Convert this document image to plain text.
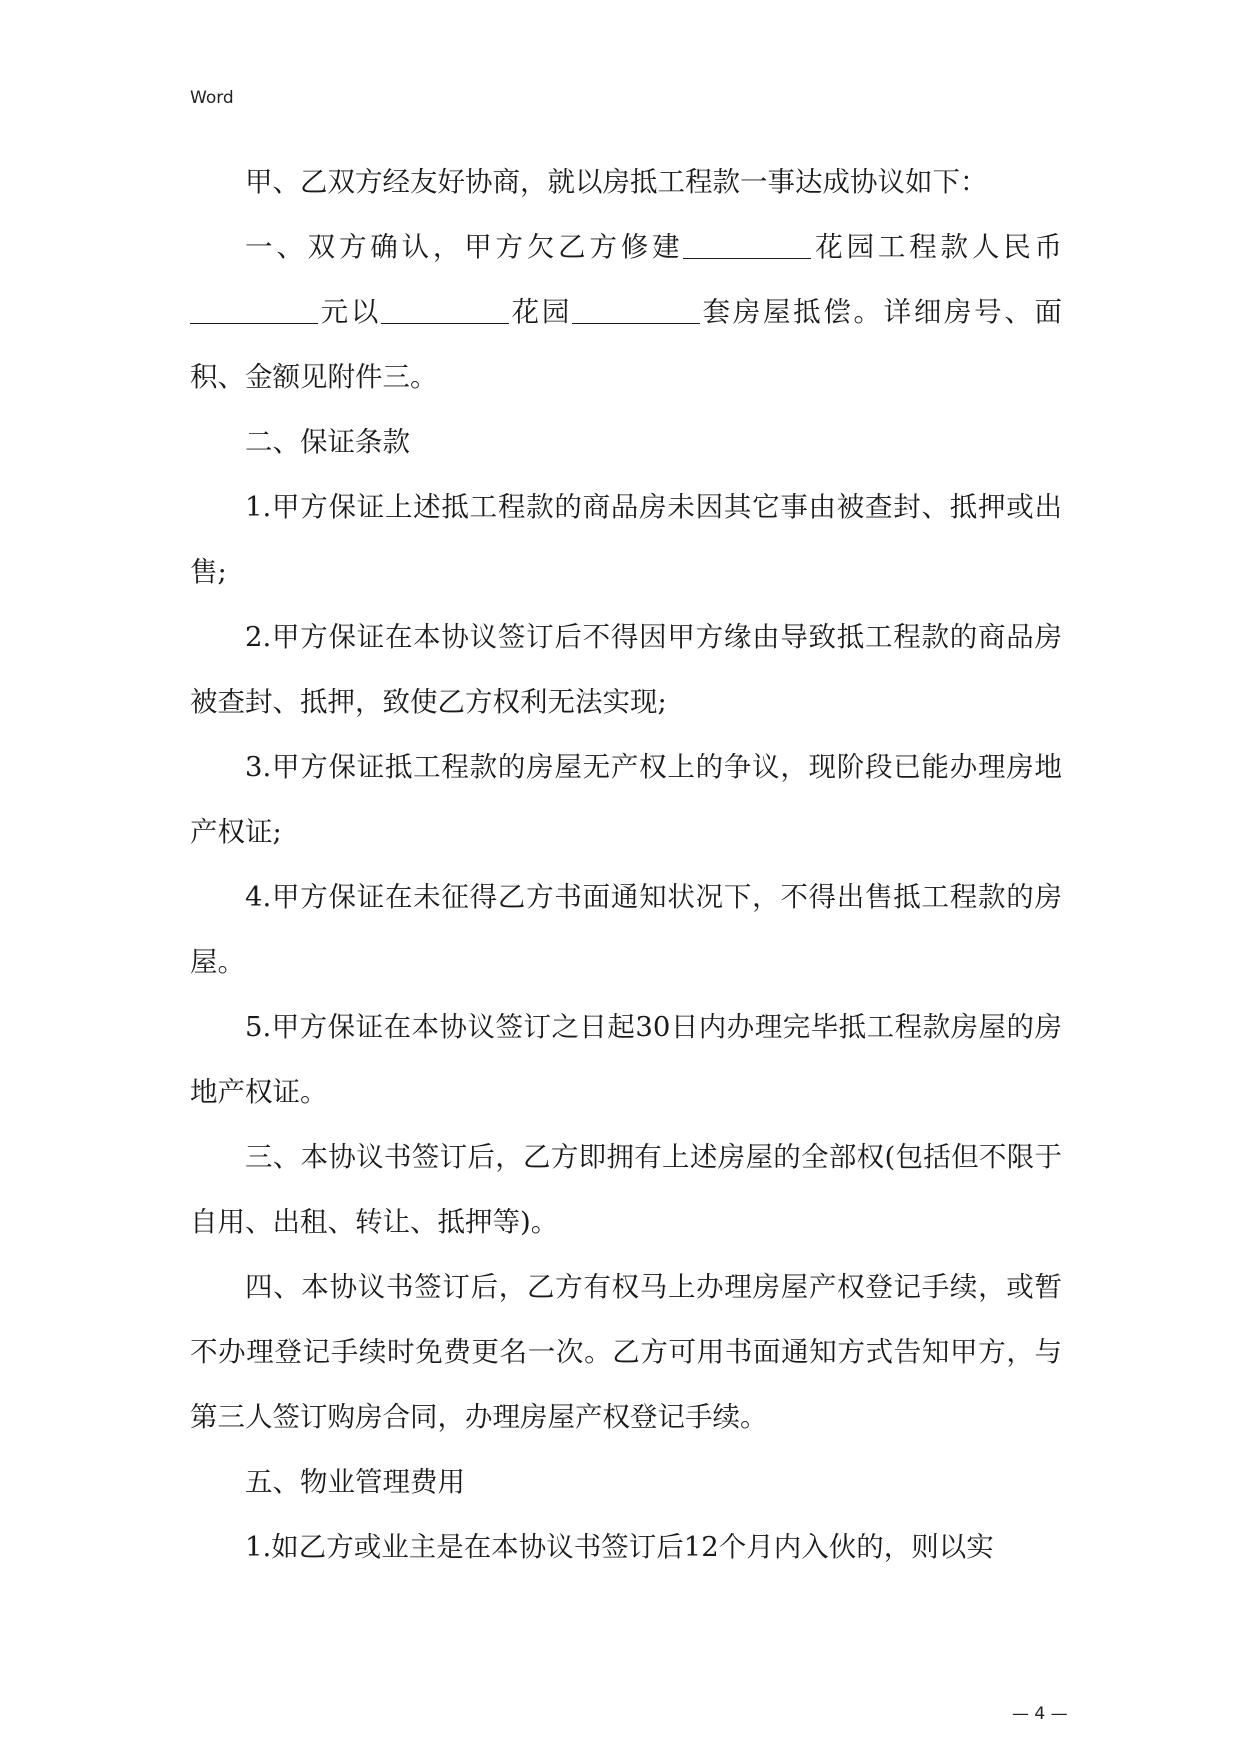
Word

甲、乙双方经友好协商，就以房抵工程款一事达成协议如下：

一、双方确认，甲方欠乙方修建	花园工程款人民币元以	花园	套房屋抵偿。详细房号、面积、金额见附件三。

二、保证条款

1.甲方保证上述抵工程款的商品房未因其它事由被查封、抵押或出售;

2.甲方保证在本协议签订后不得因甲方缘由导致抵工程款的商品房被查封、抵押，致使乙方权利无法实现;

3.甲方保证抵工程款的房屋无产权上的争议，现阶段已能办理房地产权证;

4.甲方保证在未征得乙方书面通知状况下，不得出售抵工程款的房屋。

5.甲方保证在本协议签订之日起30日内办理完毕抵工程款房屋的房地产权证。

三、本协议书签订后，乙方即拥有上述房屋的全部权(包括但不限于自用、出租、转让、抵押等)。

四、本协议书签订后，乙方有权马上办理房屋产权登记手续，或暂不办理登记手续时免费更名一次。乙方可用书面通知方式告知甲方，与第三人签订购房合同，办理房屋产权登记手续。

五、物业管理费用

1.如乙方或业主是在本协议书签订后12个月内入伙的，则以实

— 4 —
